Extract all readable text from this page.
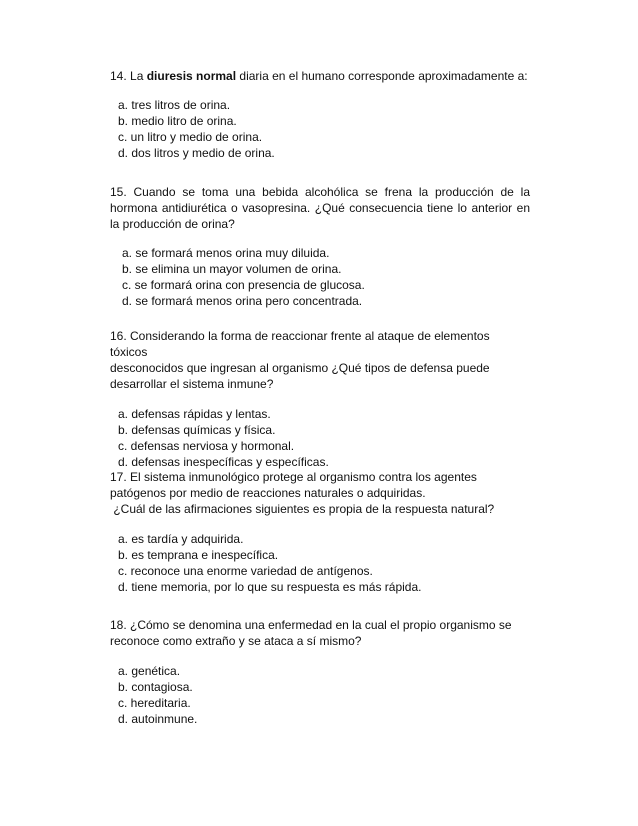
14. La diuresis normal diaria en el humano corresponde aproximadamente a:

a. tres litros de orina.
b. medio litro de orina.
c. un litro y medio de orina.
d. dos litros y medio de orina.

15. Cuando se toma una bebida alcohólica se frena la producción de la hormona antidiurética o vasopresina. ¿Qué consecuencia tiene lo anterior en la producción de orina?

a. se formará menos orina muy diluida.
b. se elimina un mayor volumen de orina.
c. se formará orina con presencia de glucosa.
d. se formará menos orina pero concentrada.

16. Considerando la forma de reaccionar frente al ataque de elementos tóxicos
desconocidos que ingresan al organismo ¿Qué tipos de defensa puede
desarrollar el sistema inmune?

a. defensas rápidas y lentas.
b. defensas químicas y física.
c. defensas nerviosa y hormonal.
d. defensas inespecíficas y específicas.

17. El sistema inmunológico protege al organismo contra los agentes
patógenos por medio de reacciones naturales o adquiridas.
¿Cuál de las afirmaciones siguientes es propia de la respuesta natural?

a. es tardía y adquirida.
b. es temprana e inespecífica.
c. reconoce una enorme variedad de antígenos.
d. tiene memoria, por lo que su respuesta es más rápida.

18. ¿Cómo se denomina una enfermedad en la cual el propio organismo se
reconoce como extraño y se ataca a sí mismo?

a. genética.
b. contagiosa.
c. hereditaria.
d. autoinmune.
